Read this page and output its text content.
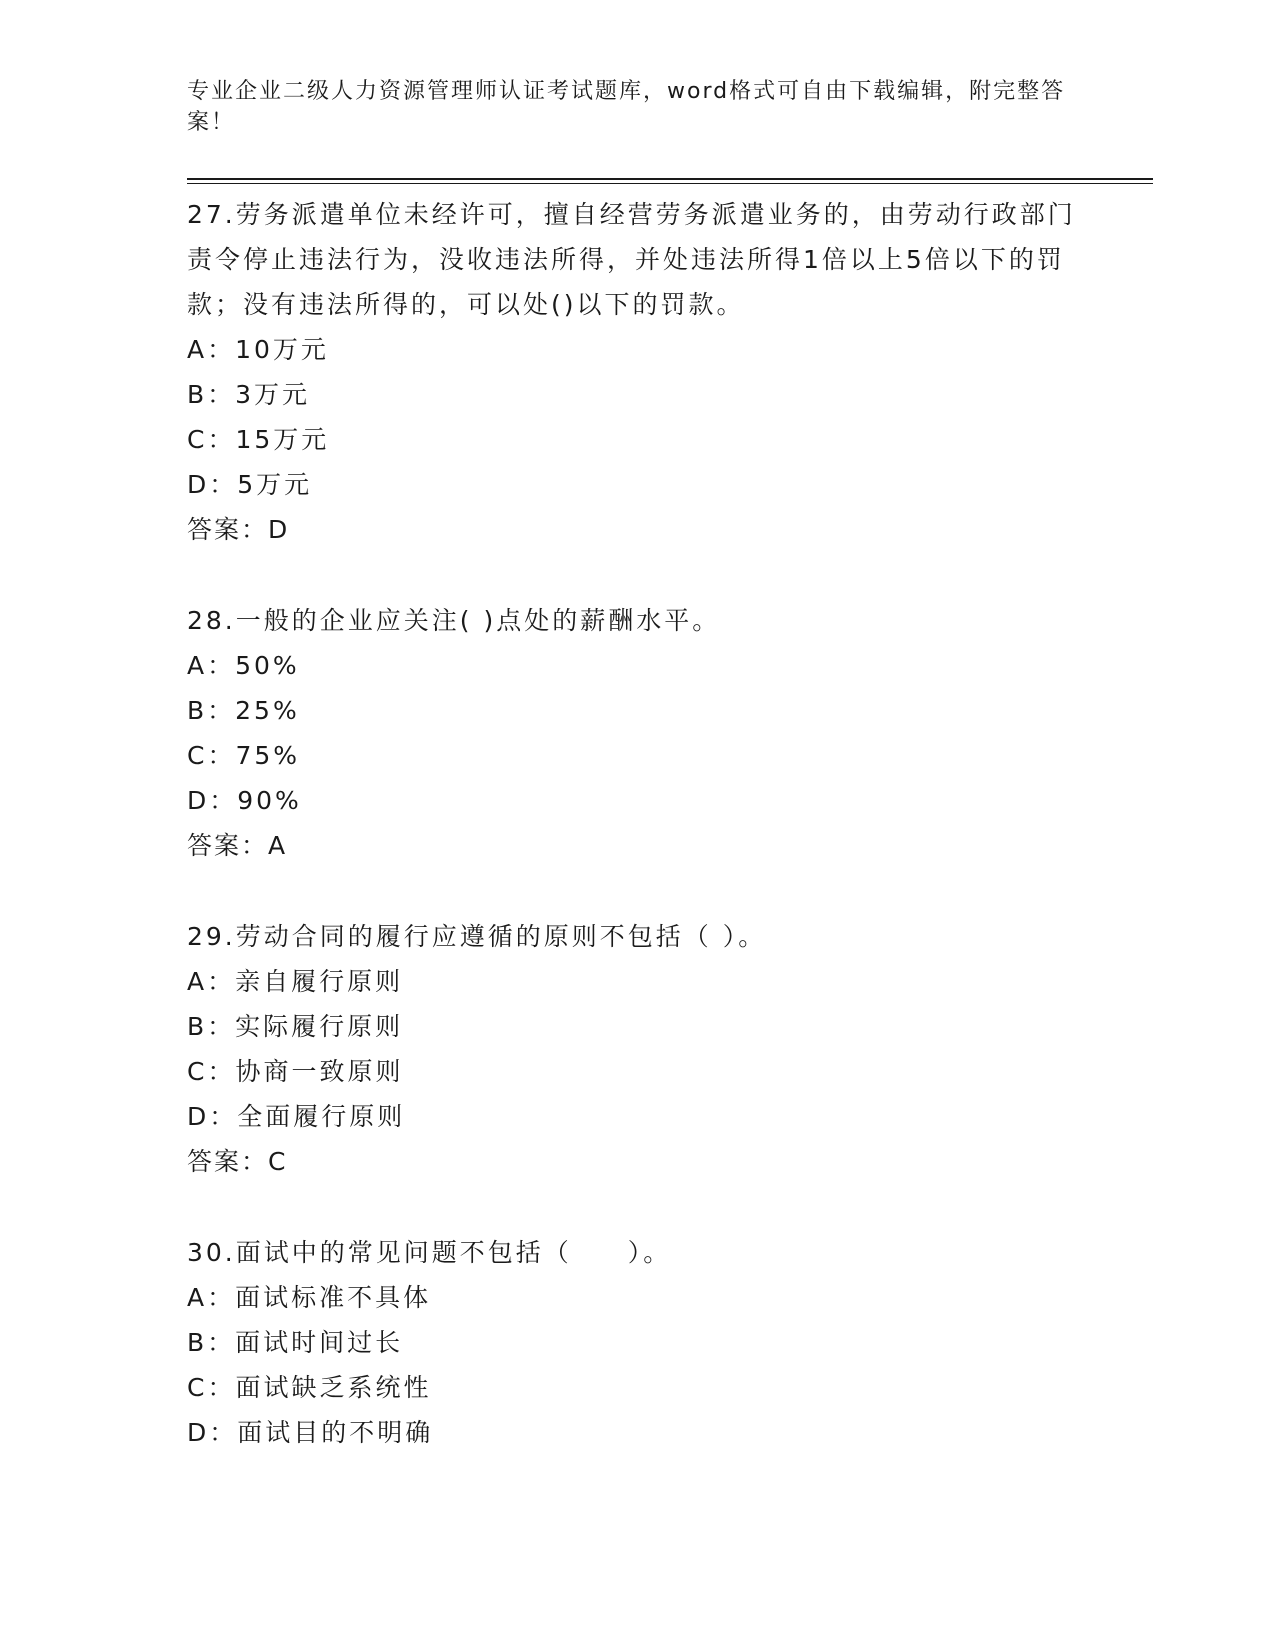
专业企业二级人力资源管理师认证考试题库，word格式可自由下载编辑，附完整答案！

27.劳务派遣单位未经许可，擅自经营劳务派遣业务的，由劳动行政部门责令停止违法行为，没收违法所得，并处违法所得1倍以上5倍以下的罚款；没有违法所得的，可以处()以下的罚款。

A：10万元

B：3万元

C：15万元

D：5万元

答案：D

28.一般的企业应关注( )点处的薪酬水平。

A：50%

B：25%

C：75%

D：90%

答案：A

29.劳动合同的履行应遵循的原则不包括（ ）。

A：亲自履行原则

B：实际履行原则

C：协商一致原则

D：全面履行原则

答案：C

30.面试中的常见问题不包括（　　）。

A：面试标准不具体

B：面试时间过长

C：面试缺乏系统性

D：面试目的不明确
